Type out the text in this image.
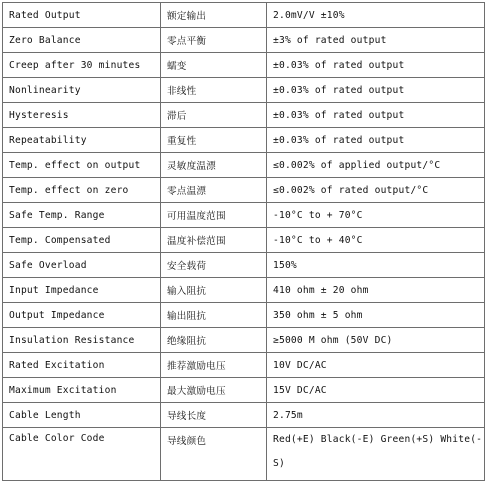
Rated Output	额定输出	2.0mV/V ±10%
Zero Balance	零点平衡	±3% of rated output
Creep after 30 minutes	蠕变	±0.03% of rated output
Nonlinearity	非线性	±0.03% of rated output
Hysteresis	滞后	±0.03% of rated output
Repeatability	重复性	±0.03% of rated output
Temp. effect on output	灵敏度温漂	≤0.002% of applied output/°C
Temp. effect on zero	零点温漂	≤0.002% of rated output/°C
Safe Temp. Range	可用温度范围	-10°C to + 70°C
Temp. Compensated	温度补偿范围	-10°C to + 40°C
Safe Overload	安全载荷	150%
Input Impedance	输入阻抗	410 ohm ± 20 ohm
Output Impedance	输出阻抗	350 ohm ± 5 ohm
Insulation Resistance	绝缘阻抗	≥5000 M ohm (50V DC)
Rated Excitation	推荐激励电压	10V DC/AC
Maximum Excitation	最大激励电压	15V DC/AC
Cable Length	导线长度	2.75m
Cable Color Code	导线颜色	Red(+E) Black(-E) Green(+S) White(-S)
